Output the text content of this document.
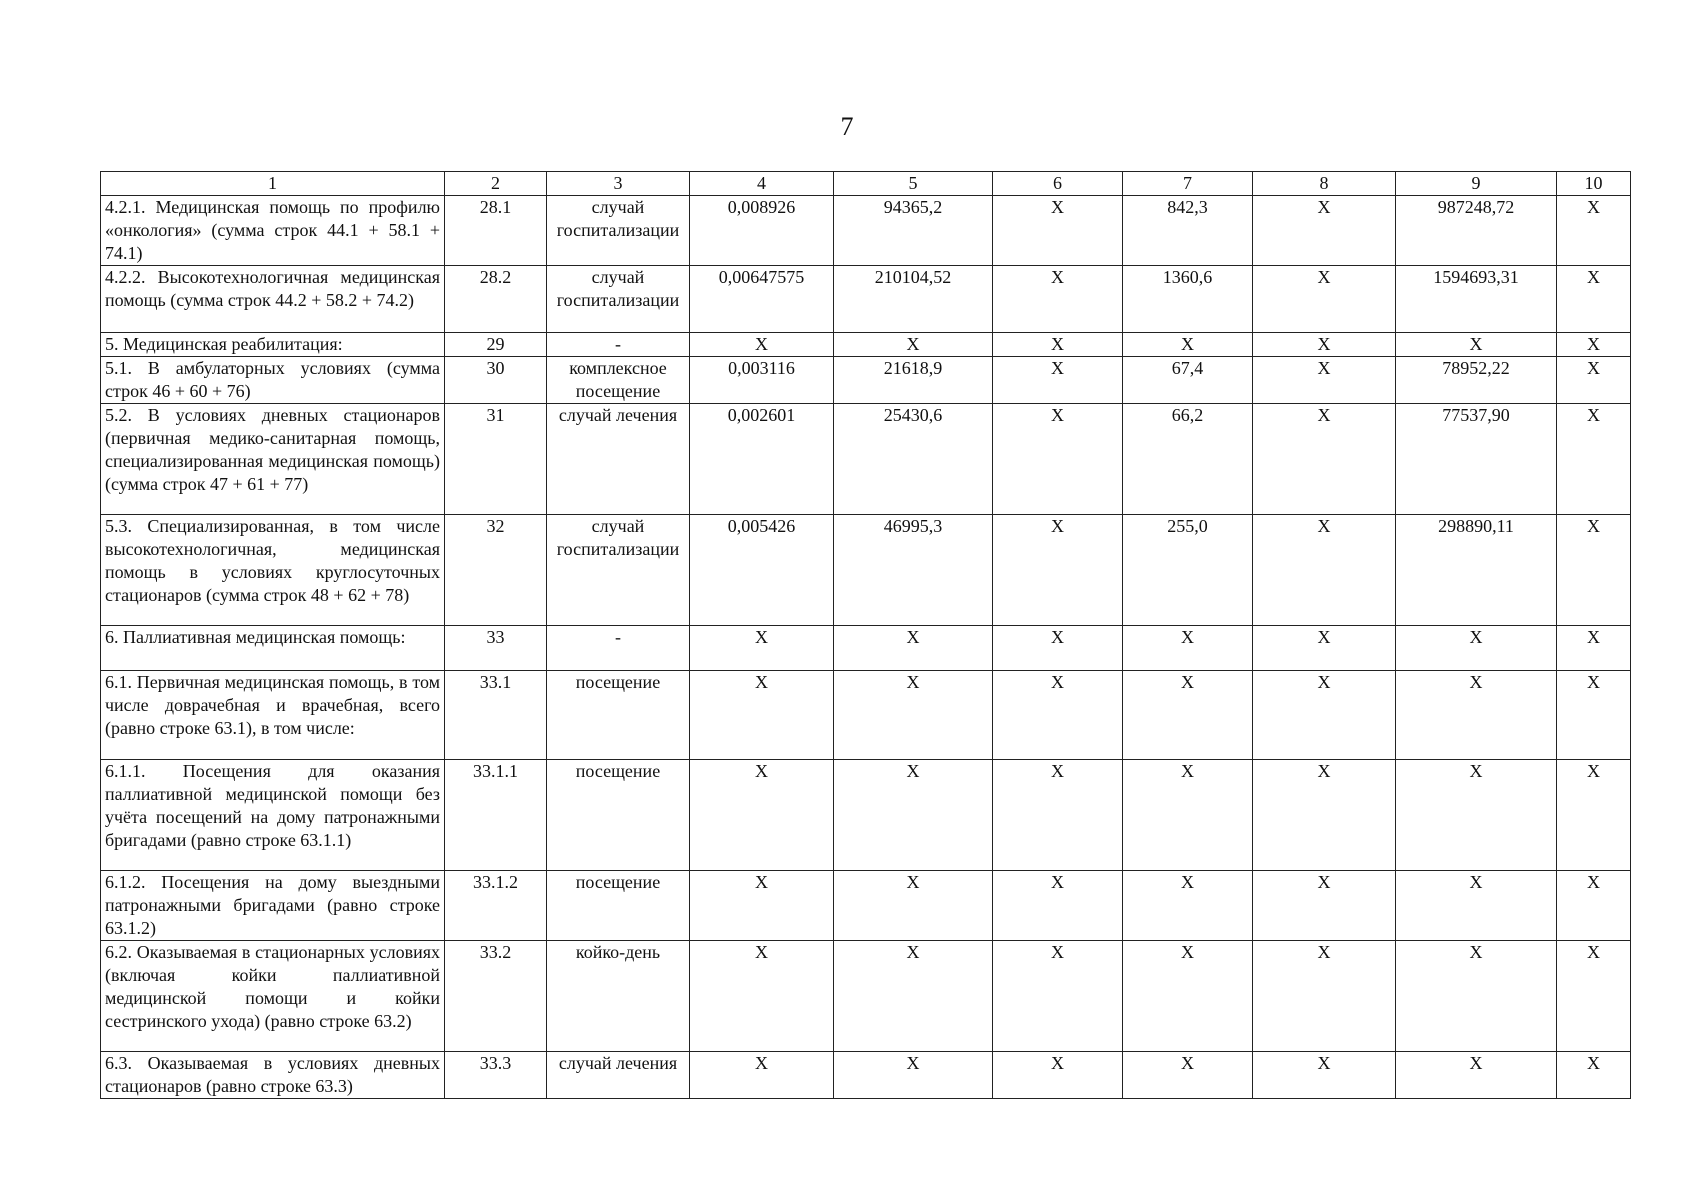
7
1	2	3	4	5	6	7	8	9	10
4.2.1. Медицинская помощь по профилю «онкология» (сумма строк 44.1 + 58.1 + 74.1)	28.1	случай госпитализации	0,008926	94365,2	X	842,3	X	987248,72	X
4.2.2. Высокотехнологичная медицинская помощь (сумма строк 44.2 + 58.2 + 74.2)	28.2	случай госпитализации	0,00647575	210104,52	X	1360,6	X	1594693,31	X
5. Медицинская реабилитация:	29	-	X	X	X	X	X	X	X
5.1. В амбулаторных условиях (сумма строк 46 + 60 + 76)	30	комплексное посещение	0,003116	21618,9	X	67,4	X	78952,22	X
5.2. В условиях дневных стационаров (первичная медико-санитарная помощь, специализированная медицинская помощь) (сумма строк 47 + 61 + 77)	31	случай лечения	0,002601	25430,6	X	66,2	X	77537,90	X
5.3. Специализированная, в том числе высокотехнологичная, медицинская помощь в условиях круглосуточных стационаров (сумма строк 48 + 62 + 78)	32	случай госпитализации	0,005426	46995,3	X	255,0	X	298890,11	X
6. Паллиативная медицинская помощь:	33	-	X	X	X	X	X	X	X
6.1. Первичная медицинская помощь, в том числе доврачебная и врачебная, всего (равно строке 63.1), в том числе:	33.1	посещение	X	X	X	X	X	X	X
6.1.1. Посещения для оказания паллиативной медицинской помощи без учёта посещений на дому патронажными бригадами (равно строке 63.1.1)	33.1.1	посещение	X	X	X	X	X	X	X
6.1.2. Посещения на дому выездными патронажными бригадами (равно строке 63.1.2)	33.1.2	посещение	X	X	X	X	X	X	X
6.2. Оказываемая в стационарных условиях (включая койки паллиативной медицинской помощи и койки сестринского ухода) (равно строке 63.2)	33.2	койко-день	X	X	X	X	X	X	X
6.3. Оказываемая в условиях дневных стационаров (равно строке 63.3)	33.3	случай лечения	X	X	X	X	X	X	X
